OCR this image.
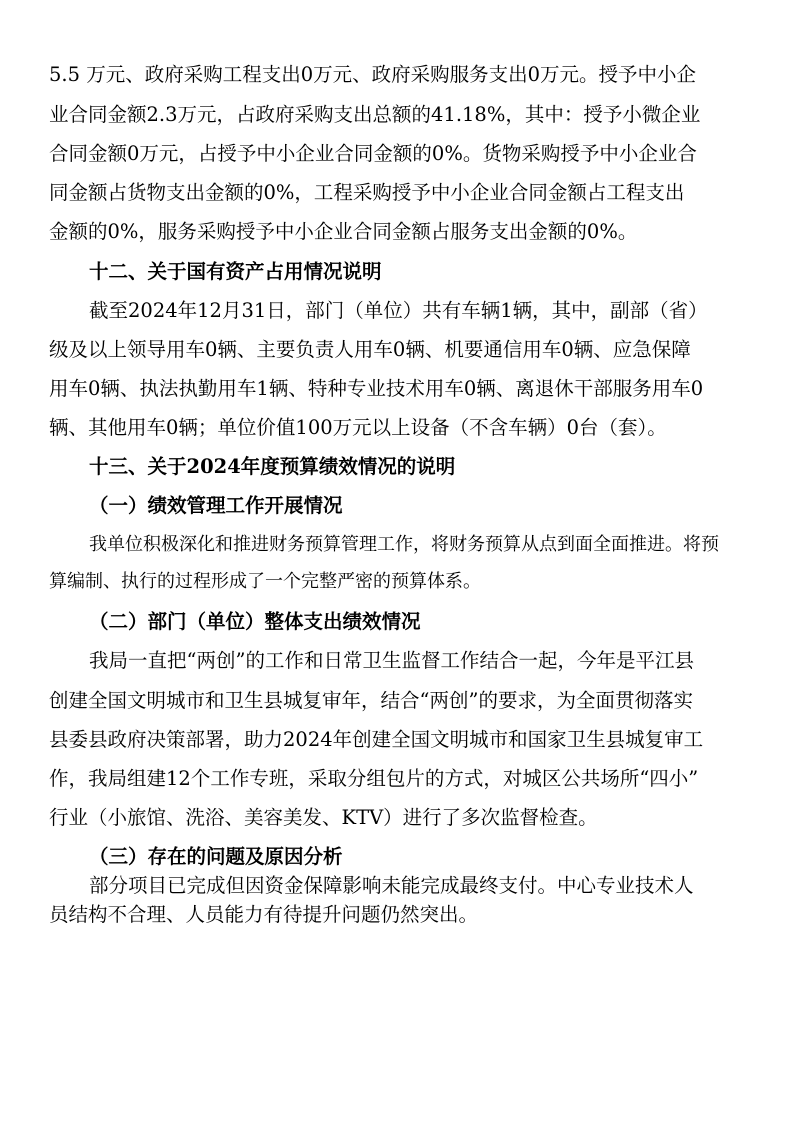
5.5 万元、政府采购工程支出0万元、政府采购服务支出0万元。授予中小企
业合同金额2.3万元，占政府采购支出总额的41.18%，其中：授予小微企业
合同金额0万元，占授予中小企业合同金额的0%。货物采购授予中小企业合
同金额占货物支出金额的0%，工程采购授予中小企业合同金额占工程支出
金额的0%，服务采购授予中小企业合同金额占服务支出金额的0%。
十二、关于国有资产占用情况说明
截至2024年12月31日，部门（单位）共有车辆1辆，其中，副部（省）
级及以上领导用车0辆、主要负责人用车0辆、机要通信用车0辆、应急保障
用车0辆、执法执勤用车1辆、特种专业技术用车0辆、离退休干部服务用车0
辆、其他用车0辆；单位价值100万元以上设备（不含车辆）0台（套）。
十三、关于2024年度预算绩效情况的说明
（一）绩效管理工作开展情况
我单位积极深化和推进财务预算管理工作，将财务预算从点到面全面推进。将预
算编制、执行的过程形成了一个完整严密的预算体系。
（二）部门（单位）整体支出绩效情况
我局一直把“两创”的工作和日常卫生监督工作结合一起，今年是平江县
创建全国文明城市和卫生县城复审年，结合“两创”的要求，为全面贯彻落实
县委县政府决策部署，助力2024年创建全国文明城市和国家卫生县城复审工
作，我局组建12个工作专班，采取分组包片的方式，对城区公共场所“四小”
行业（小旅馆、洗浴、美容美发、KTV）进行了多次监督检查。
（三）存在的问题及原因分析
部分项目已完成但因资金保障影响未能完成最终支付。中心专业技术人
员结构不合理、人员能力有待提升问题仍然突出。
